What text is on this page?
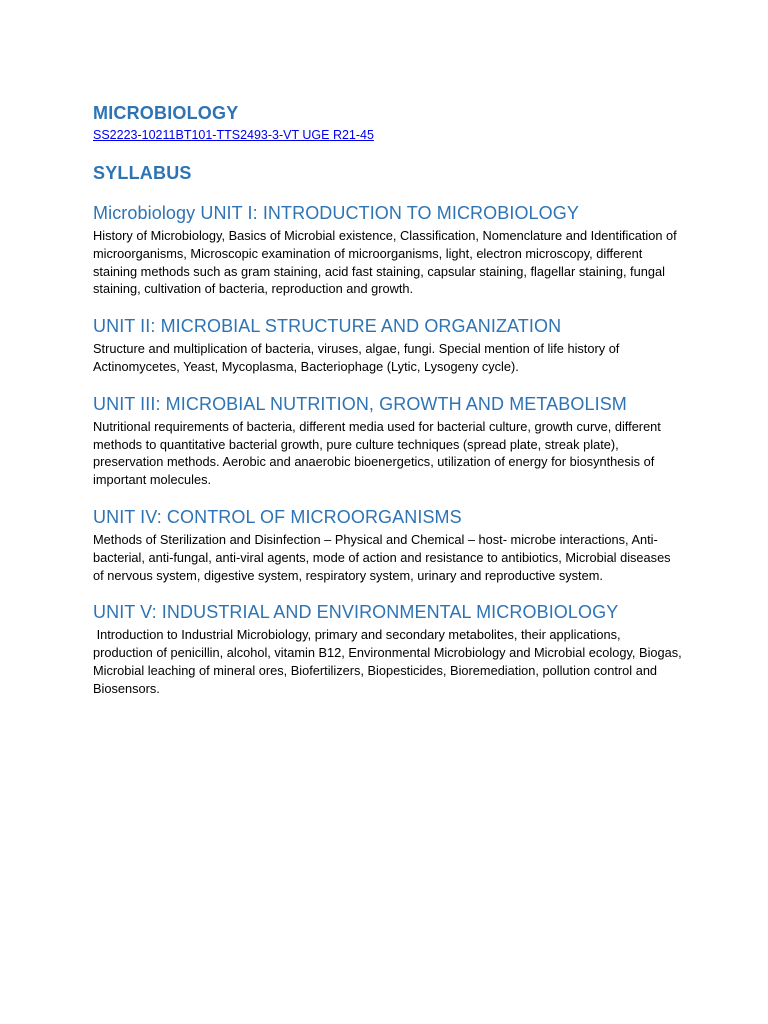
MICROBIOLOGY
SS2223-10211BT101-TTS2493-3-VT UGE R21-45
SYLLABUS
Microbiology UNIT I: INTRODUCTION TO MICROBIOLOGY

History of Microbiology, Basics of Microbial existence, Classification, Nomenclature and Identification of microorganisms, Microscopic examination of microorganisms, light, electron microscopy, different staining methods such as gram staining, acid fast staining, capsular staining, flagellar staining, fungal staining, cultivation of bacteria, reproduction and growth.

UNIT II: MICROBIAL STRUCTURE AND ORGANIZATION

Structure and multiplication of bacteria, viruses, algae, fungi. Special mention of life history of Actinomycetes, Yeast, Mycoplasma, Bacteriophage (Lytic, Lysogeny cycle).

UNIT III: MICROBIAL NUTRITION, GROWTH AND METABOLISM

Nutritional requirements of bacteria, different media used for bacterial culture, growth curve, different methods to quantitative bacterial growth, pure culture techniques (spread plate, streak plate), preservation methods. Aerobic and anaerobic bioenergetics, utilization of energy for biosynthesis of important molecules.

UNIT IV: CONTROL OF MICROORGANISMS

Methods of Sterilization and Disinfection – Physical and Chemical – host- microbe interactions, Anti-bacterial, anti-fungal, anti-viral agents, mode of action and resistance to antibiotics, Microbial diseases of nervous system, digestive system, respiratory system, urinary and reproductive system.

UNIT V: INDUSTRIAL AND ENVIRONMENTAL MICROBIOLOGY

Introduction to Industrial Microbiology, primary and secondary metabolites, their applications, production of penicillin, alcohol, vitamin B12, Environmental Microbiology and Microbial ecology, Biogas, Microbial leaching of mineral ores, Biofertilizers, Biopesticides, Bioremediation, pollution control and Biosensors.
